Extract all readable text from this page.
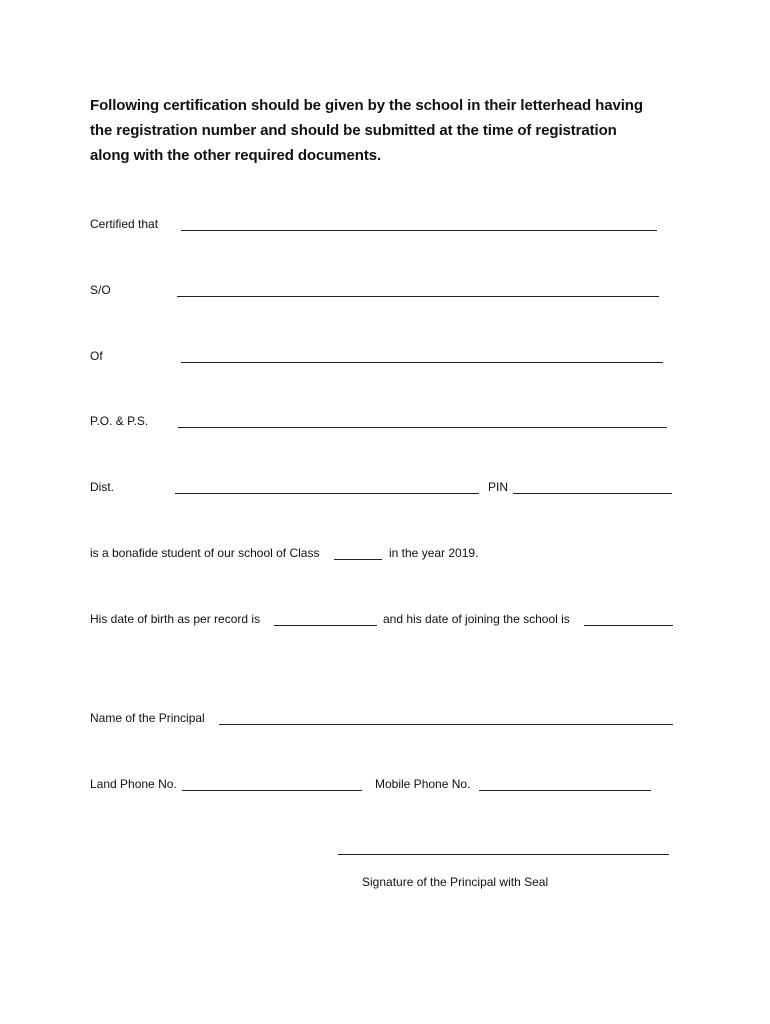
Following certification should be given by the school in their letterhead having
the registration number and should be submitted at the time of registration
along with the other required documents.
Certified that
S/O
Of
P.O. & P.S.
Dist.	PIN
is a bonafide student of our school of Class	in the year 2019.
His date of birth as per record is	and his date of joining the school is
Name of the Principal
Land Phone No.	Mobile Phone No.
Signature of the Principal with Seal
